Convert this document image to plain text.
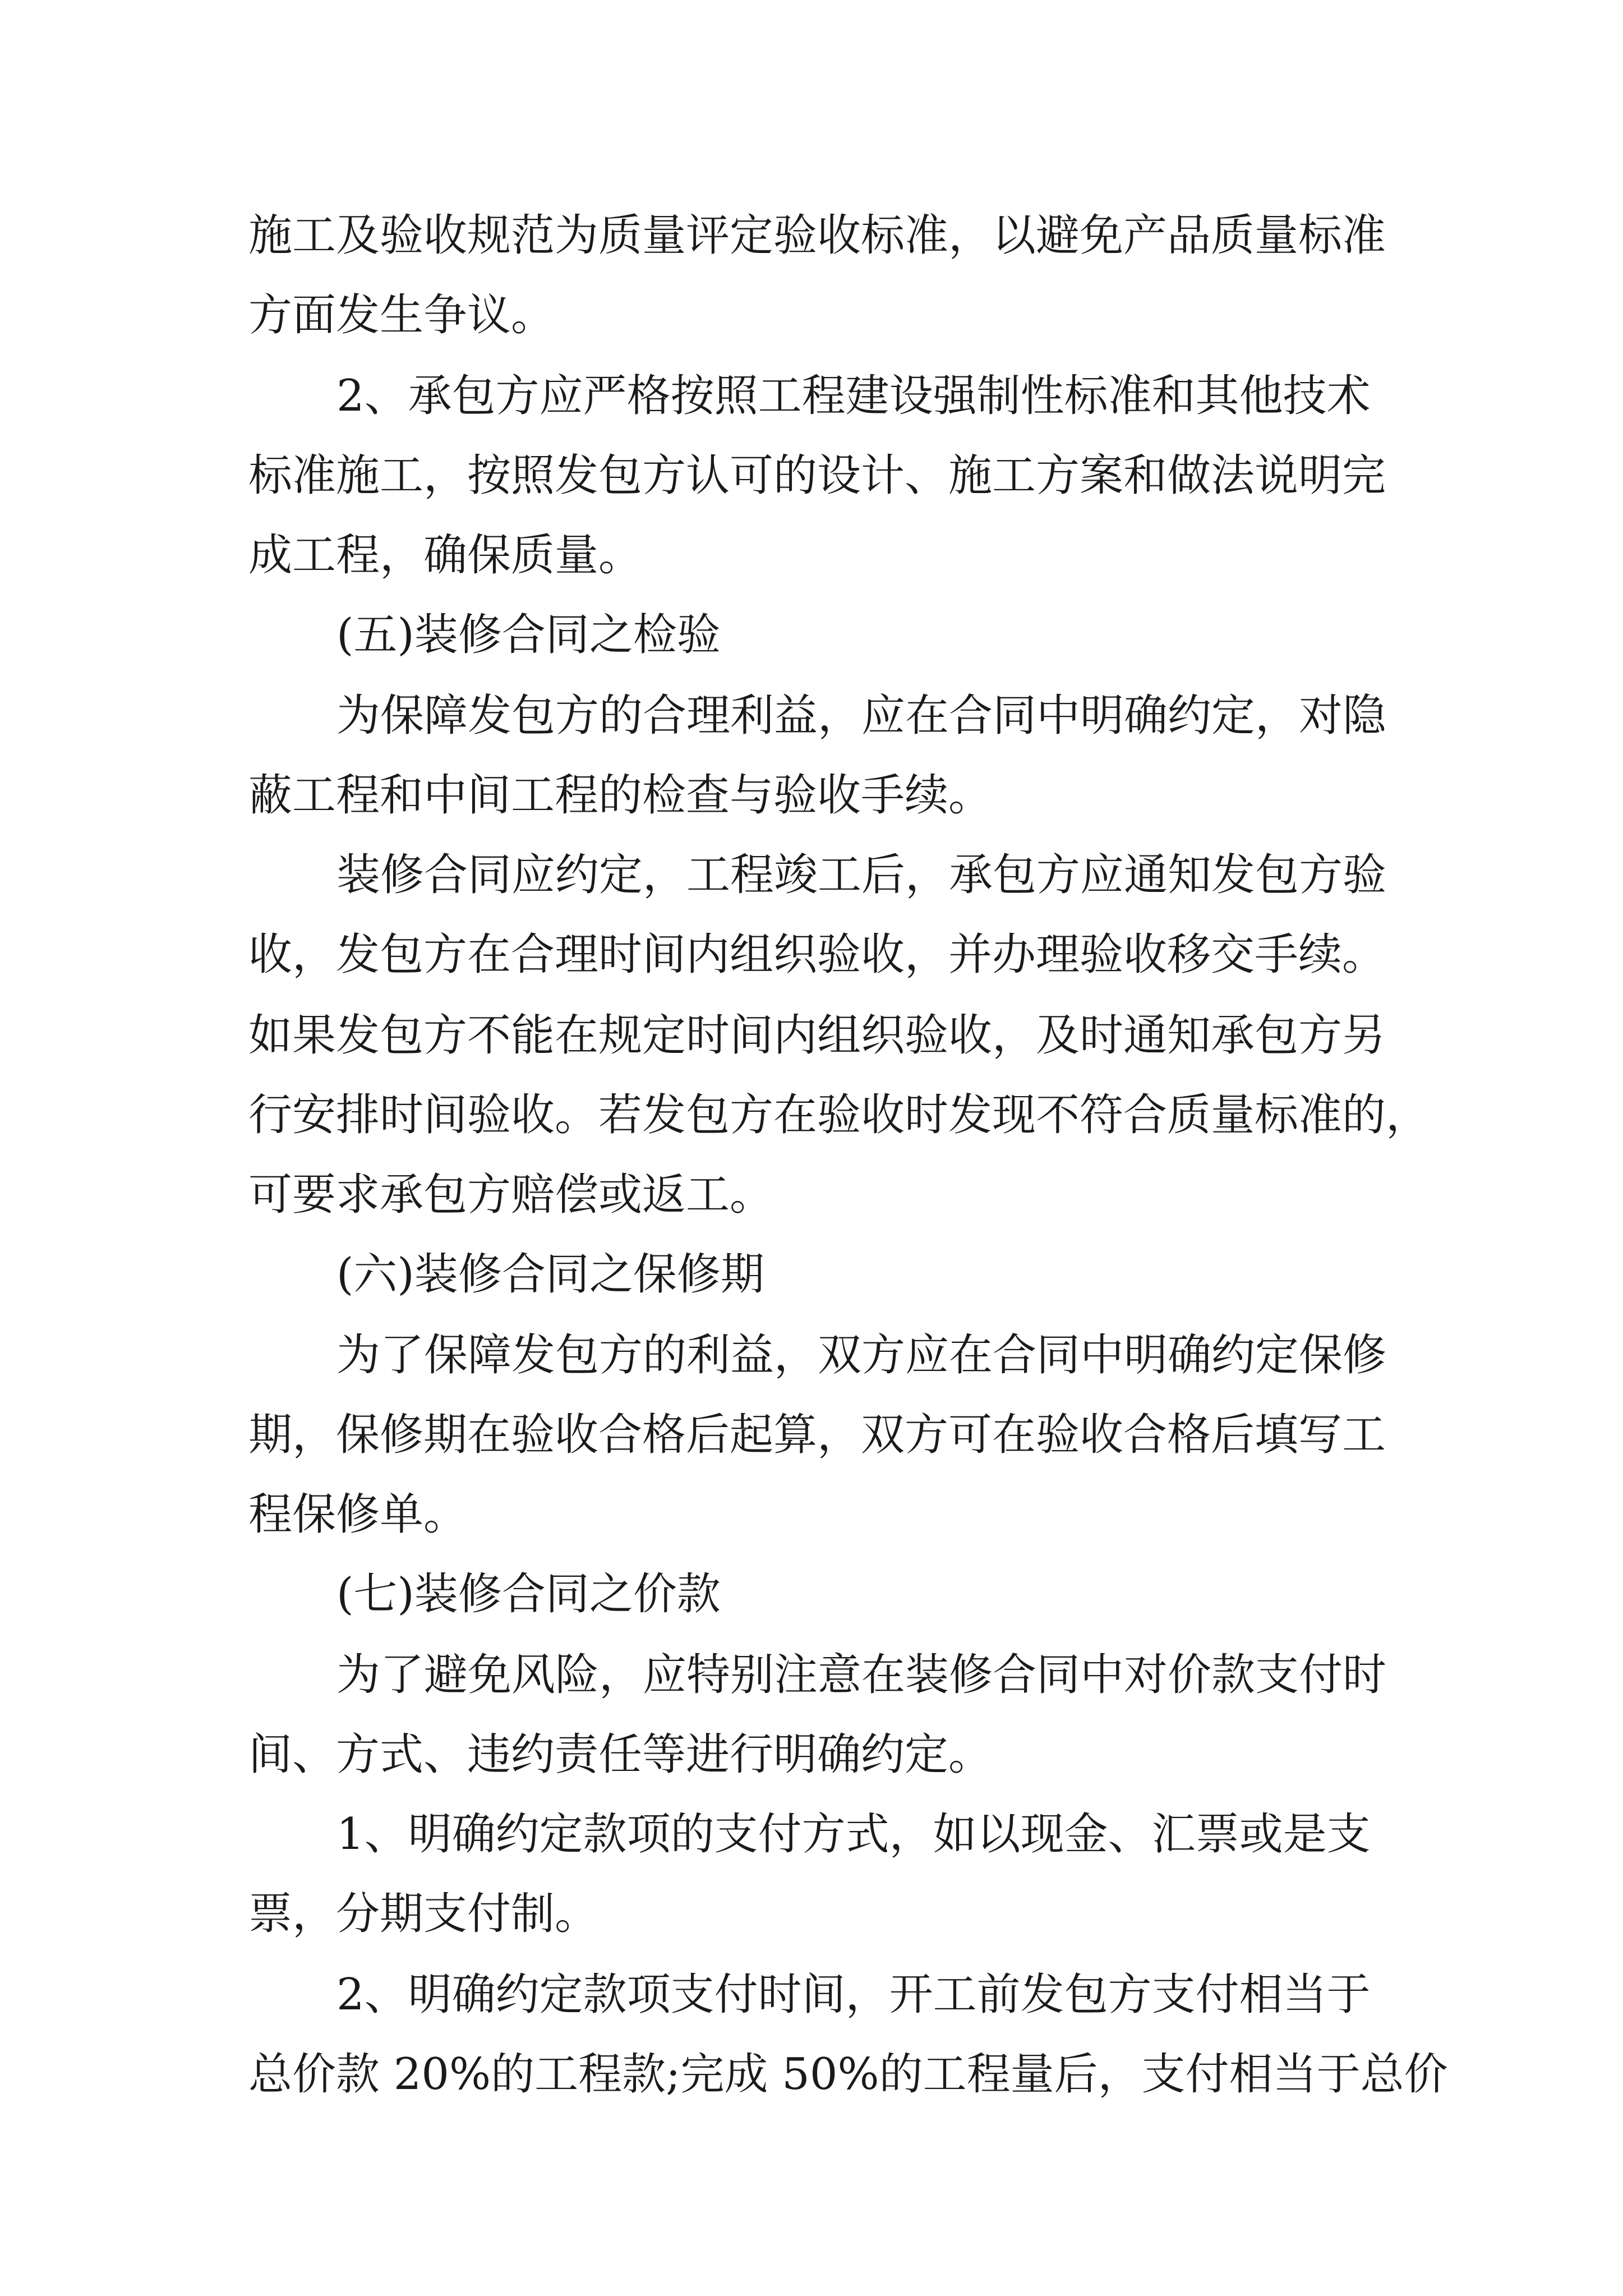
施工及验收规范为质量评定验收标准，以避免产品质量标准
方面发生争议。
2、承包方应严格按照工程建设强制性标准和其他技术
标准施工，按照发包方认可的设计、施工方案和做法说明完
成工程，确保质量。
(五)装修合同之检验
为保障发包方的合理利益，应在合同中明确约定，对隐
蔽工程和中间工程的检查与验收手续。
装修合同应约定，工程竣工后，承包方应通知发包方验
收，发包方在合理时间内组织验收，并办理验收移交手续。
如果发包方不能在规定时间内组织验收，及时通知承包方另
行安排时间验收。若发包方在验收时发现不符合质量标准的，
可要求承包方赔偿或返工。
(六)装修合同之保修期
为了保障发包方的利益，双方应在合同中明确约定保修
期，保修期在验收合格后起算，双方可在验收合格后填写工
程保修单。
(七)装修合同之价款
为了避免风险，应特别注意在装修合同中对价款支付时
间、方式、违约责任等进行明确约定。
1、明确约定款项的支付方式，如以现金、汇票或是支
票，分期支付制。
2、明确约定款项支付时间，开工前发包方支付相当于
总价款 20%的工程款;完成 50%的工程量后，支付相当于总价
